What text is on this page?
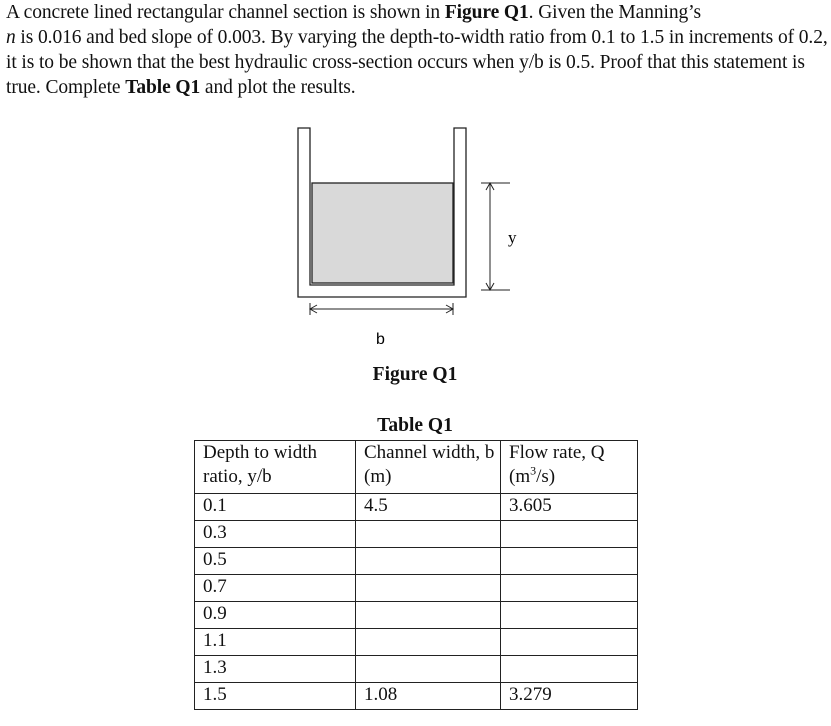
A concrete lined rectangular channel section is shown in Figure Q1. Given the Manning’s
n is 0.016 and bed slope of 0.003. By varying the depth-to-width ratio from 0.1 to 1.5 in increments of 0.2, it is to be shown that the best hydraulic cross-section occurs when y/b is 0.5. Proof that this statement is true. Complete Table Q1 and plot the results.
y
b
Figure Q1
Table Q1
Depth to width ratio, y/b	Channel width, b (m)	Flow rate, Q $(m^3/s)$
0.1	4.5	3.605
0.3		
0.5		
0.7		
0.9		
1.1		
1.3		
1.5	1.08	3.279
